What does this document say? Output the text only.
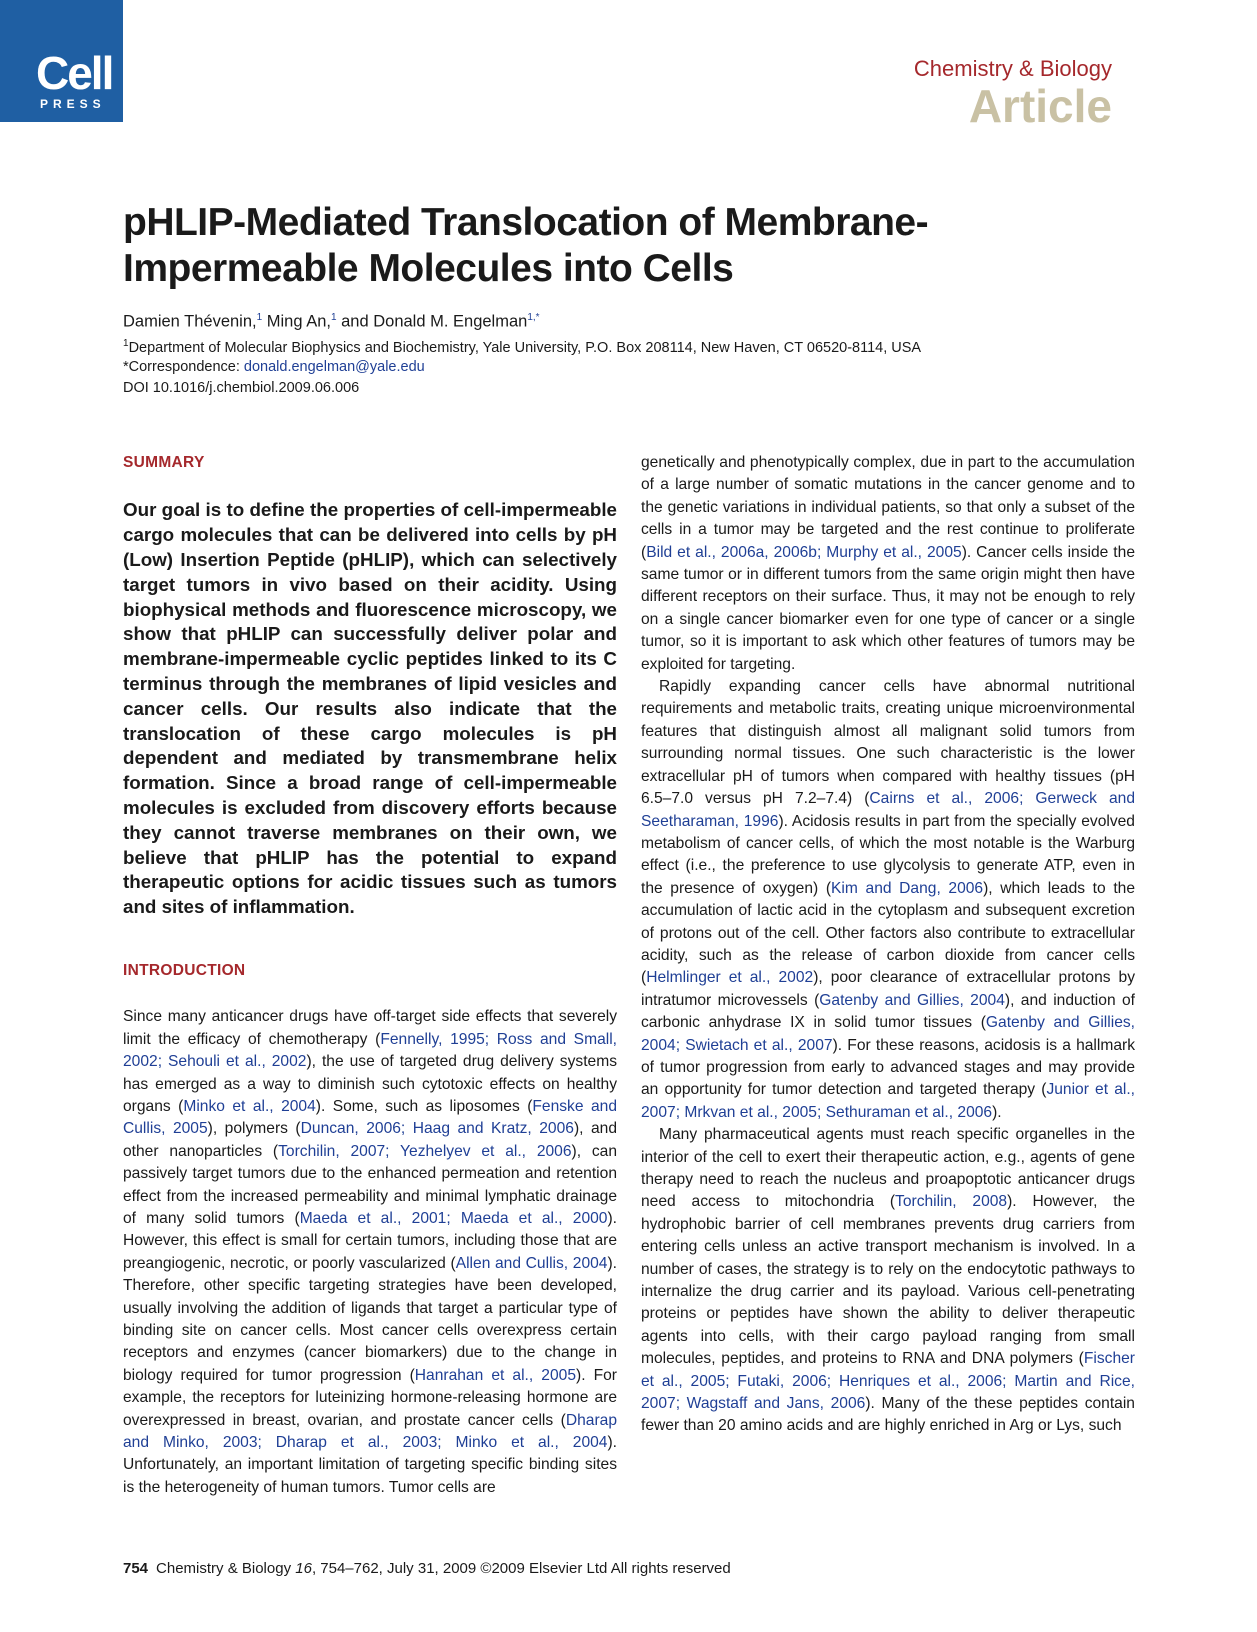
Cell
PRESS
Chemistry & Biology
Article
pHLIP-Mediated Translocation of Membrane-
Impermeable Molecules into Cells
Damien Thévenin,$^1$ Ming An,$^1$ and Donald M. Engelman$^{1,*}$
$^1$Department of Molecular Biophysics and Biochemistry, Yale University, P.O. Box 208114, New Haven, CT 06520-8114, USA
*Correspondence: donald.engelman@yale.edu
DOI 10.1016/j.chembiol.2009.06.006
SUMMARY

Our goal is to define the properties of cell-impermeable cargo molecules that can be delivered into cells by pH (Low) Insertion Peptide (pHLIP), which can selectively target tumors in vivo based on their acidity. Using biophysical methods and fluorescence microscopy, we show that pHLIP can successfully deliver polar and membrane-impermeable cyclic peptides linked to its C terminus through the membranes of lipid vesicles and cancer cells. Our results also indicate that the translocation of these cargo molecules is pH dependent and mediated by transmembrane helix formation. Since a broad range of cell-impermeable molecules is excluded from discovery efforts because they cannot traverse membranes on their own, we believe that pHLIP has the potential to expand therapeutic options for acidic tissues such as tumors and sites of inflammation.

INTRODUCTION

Since many anticancer drugs have off-target side effects that severely limit the efficacy of chemotherapy (Fennelly, 1995; Ross and Small, 2002; Sehouli et al., 2002), the use of targeted drug delivery systems has emerged as a way to diminish such cytotoxic effects on healthy organs (Minko et al., 2004). Some, such as liposomes (Fenske and Cullis, 2005), polymers (Duncan, 2006; Haag and Kratz, 2006), and other nanoparticles (Torchilin, 2007; Yezhelyev et al., 2006), can passively target tumors due to the enhanced permeation and retention effect from the increased permeability and minimal lymphatic drainage of many solid tumors (Maeda et al., 2001; Maeda et al., 2000). However, this effect is small for certain tumors, including those that are preangiogenic, necrotic, or poorly vascularized (Allen and Cullis, 2004). Therefore, other specific targeting strategies have been developed, usually involving the addition of ligands that target a particular type of binding site on cancer cells. Most cancer cells overexpress certain receptors and enzymes (cancer biomarkers) due to the change in biology required for tumor progression (Hanrahan et al., 2005). For example, the receptors for luteinizing hormone-releasing hormone are overexpressed in breast, ovarian, and prostate cancer cells (Dharap and Minko, 2003; Dharap et al., 2003; Minko et al., 2004). Unfortunately, an important limitation of targeting specific binding sites is the heterogeneity of human tumors. Tumor cells are

genetically and phenotypically complex, due in part to the accumulation of a large number of somatic mutations in the cancer genome and to the genetic variations in individual patients, so that only a subset of the cells in a tumor may be targeted and the rest continue to proliferate (Bild et al., 2006a, 2006b; Murphy et al., 2005). Cancer cells inside the same tumor or in different tumors from the same origin might then have different receptors on their surface. Thus, it may not be enough to rely on a single cancer biomarker even for one type of cancer or a single tumor, so it is important to ask which other features of tumors may be exploited for targeting.

Rapidly expanding cancer cells have abnormal nutritional requirements and metabolic traits, creating unique microenvironmental features that distinguish almost all malignant solid tumors from surrounding normal tissues. One such characteristic is the lower extracellular pH of tumors when compared with healthy tissues (pH 6.5–7.0 versus pH 7.2–7.4) (Cairns et al., 2006; Gerweck and Seetharaman, 1996). Acidosis results in part from the specially evolved metabolism of cancer cells, of which the most notable is the Warburg effect (i.e., the preference to use glycolysis to generate ATP, even in the presence of oxygen) (Kim and Dang, 2006), which leads to the accumulation of lactic acid in the cytoplasm and subsequent excretion of protons out of the cell. Other factors also contribute to extracellular acidity, such as the release of carbon dioxide from cancer cells (Helmlinger et al., 2002), poor clearance of extracellular protons by intratumor microvessels (Gatenby and Gillies, 2004), and induction of carbonic anhydrase IX in solid tumor tissues (Gatenby and Gillies, 2004; Swietach et al., 2007). For these reasons, acidosis is a hallmark of tumor progression from early to advanced stages and may provide an opportunity for tumor detection and targeted therapy (Junior et al., 2007; Mrkvan et al., 2005; Sethuraman et al., 2006).

Many pharmaceutical agents must reach specific organelles in the interior of the cell to exert their therapeutic action, e.g., agents of gene therapy need to reach the nucleus and proapoptotic anticancer drugs need access to mitochondria (Torchilin, 2008). However, the hydrophobic barrier of cell membranes prevents drug carriers from entering cells unless an active transport mechanism is involved. In a number of cases, the strategy is to rely on the endocytotic pathways to internalize the drug carrier and its payload. Various cell-penetrating proteins or peptides have shown the ability to deliver therapeutic agents into cells, with their cargo payload ranging from small molecules, peptides, and proteins to RNA and DNA polymers (Fischer et al., 2005; Futaki, 2006; Henriques et al., 2006; Martin and Rice, 2007; Wagstaff and Jans, 2006). Many of the these peptides contain fewer than 20 amino acids and are highly enriched in Arg or Lys, such

754 Chemistry & Biology 16, 754–762, July 31, 2009 ©2009 Elsevier Ltd All rights reserved
